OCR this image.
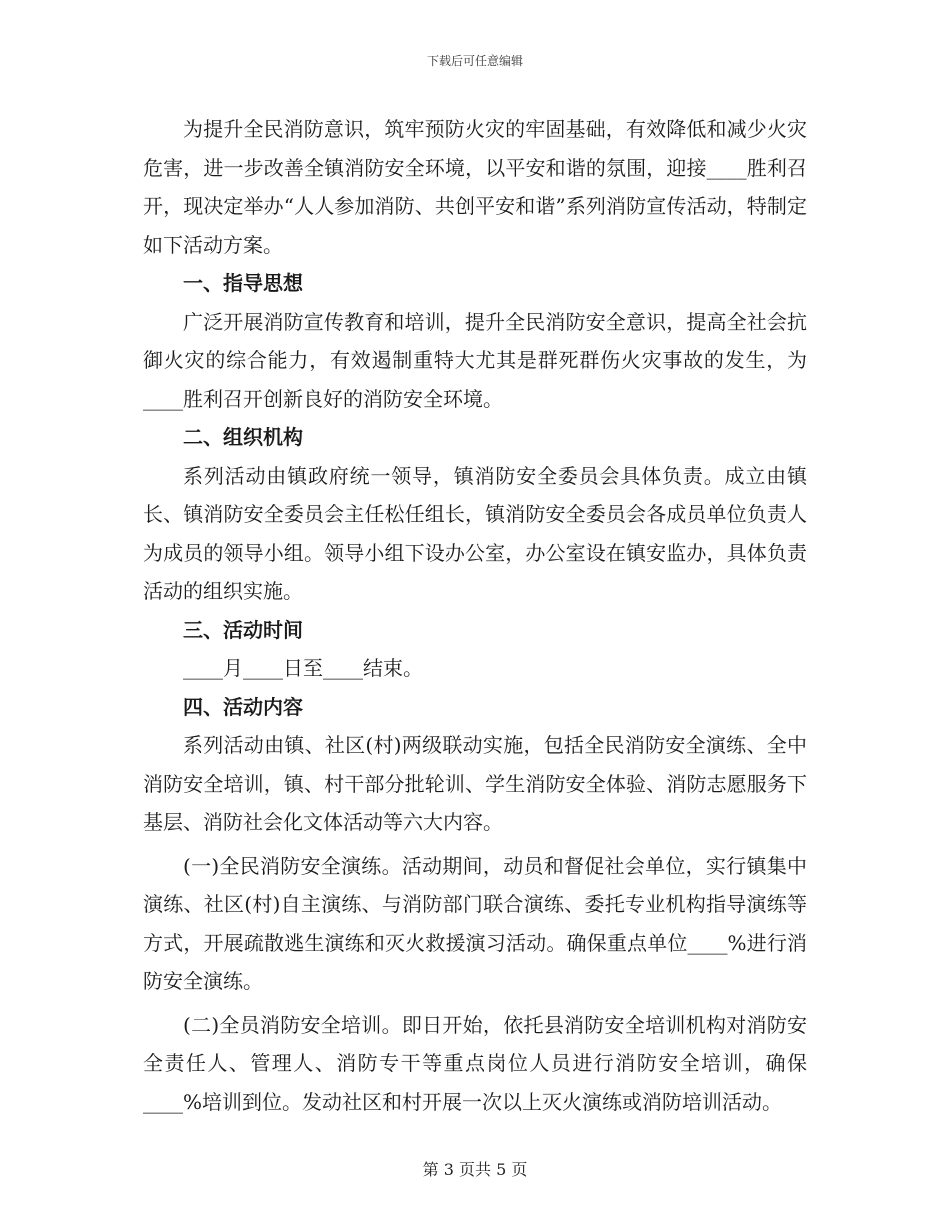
下载后可任意编辑

为提升全民消防意识，筑牢预防火灾的牢固基础，有效降低和减少火灾危害，进一步改善全镇消防安全环境，以平安和谐的氛围，迎接____胜利召开，现决定举办“人人参加消防、共创平安和谐”系列消防宣传活动，特制定如下活动方案。

一、指导思想

广泛开展消防宣传教育和培训，提升全民消防安全意识，提高全社会抗御火灾的综合能力，有效遏制重特大尤其是群死群伤火灾事故的发生，为____胜利召开创新良好的消防安全环境。

二、组织机构

系列活动由镇政府统一领导，镇消防安全委员会具体负责。成立由镇长、镇消防安全委员会主任松任组长，镇消防安全委员会各成员单位负责人为成员的领导小组。领导小组下设办公室，办公室设在镇安监办，具体负责活动的组织实施。

三、活动时间

____月____日至____结束。

四、活动内容

系列活动由镇、社区(村)两级联动实施，包括全民消防安全演练、全中消防安全培训，镇、村干部分批轮训、学生消防安全体验、消防志愿服务下基层、消防社会化文体活动等六大内容。

(一)全民消防安全演练。活动期间，动员和督促社会单位，实行镇集中演练、社区(村)自主演练、与消防部门联合演练、委托专业机构指导演练等方式，开展疏散逃生演练和灭火救援演习活动。确保重点单位____%进行消防安全演练。

(二)全员消防安全培训。即日开始，依托县消防安全培训机构对消防安全责任人、管理人、消防专干等重点岗位人员进行消防安全培训，确保____%培训到位。发动社区和村开展一次以上灭火演练或消防培训活动。

第 3 页共 5 页
